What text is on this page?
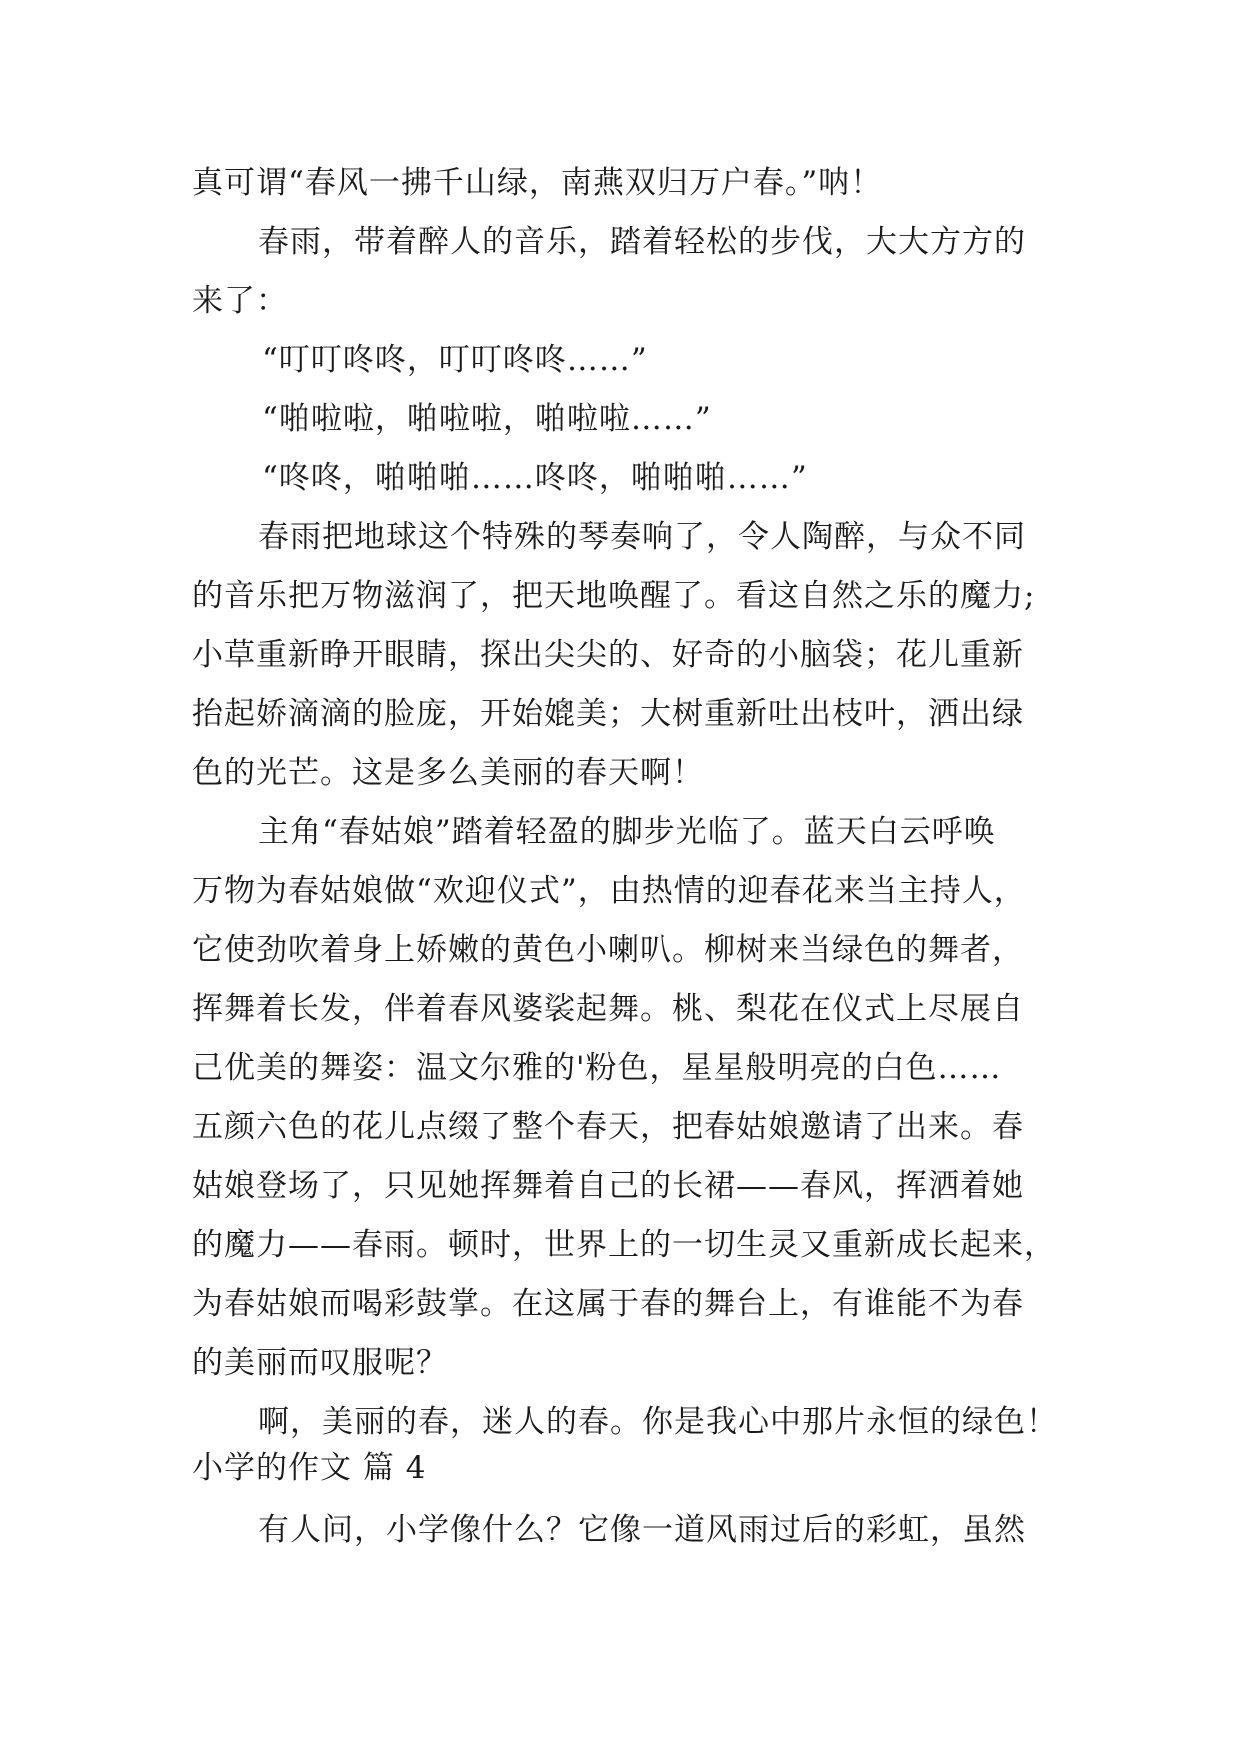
真可谓“春风一拂千山绿，南燕双归万户春。”呐！
春雨，带着醉人的音乐，踏着轻松的步伐，大大方方的
来了：
“叮叮咚咚，叮叮咚咚……”
“啪啦啦，啪啦啦，啪啦啦……”
“咚咚，啪啪啪……咚咚，啪啪啪……”
春雨把地球这个特殊的琴奏响了，令人陶醉，与众不同
的音乐把万物滋润了，把天地唤醒了。看这自然之乐的魔力;
小草重新睁开眼睛，探出尖尖的、好奇的小脑袋；花儿重新
抬起娇滴滴的脸庞，开始媲美；大树重新吐出枝叶，洒出绿
色的光芒。这是多么美丽的春天啊！
主角“春姑娘”踏着轻盈的脚步光临了。蓝天白云呼唤
万物为春姑娘做“欢迎仪式”，由热情的迎春花来当主持人，
它使劲吹着身上娇嫩的黄色小喇叭。柳树来当绿色的舞者，
挥舞着长发，伴着春风婆裟起舞。桃、梨花在仪式上尽展自
己优美的舞姿：温文尔雅的'粉色，星星般明亮的白色……
五颜六色的花儿点缀了整个春天，把春姑娘邀请了出来。春
姑娘登场了，只见她挥舞着自己的长裙——春风，挥洒着她
的魔力——春雨。顿时，世界上的一切生灵又重新成长起来，
为春姑娘而喝彩鼓掌。在这属于春的舞台上，有谁能不为春
的美丽而叹服呢？
啊，美丽的春，迷人的春。你是我心中那片永恒的绿色！
小学的作文 篇 4
有人问，小学像什么？它像一道风雨过后的彩虹，虽然
